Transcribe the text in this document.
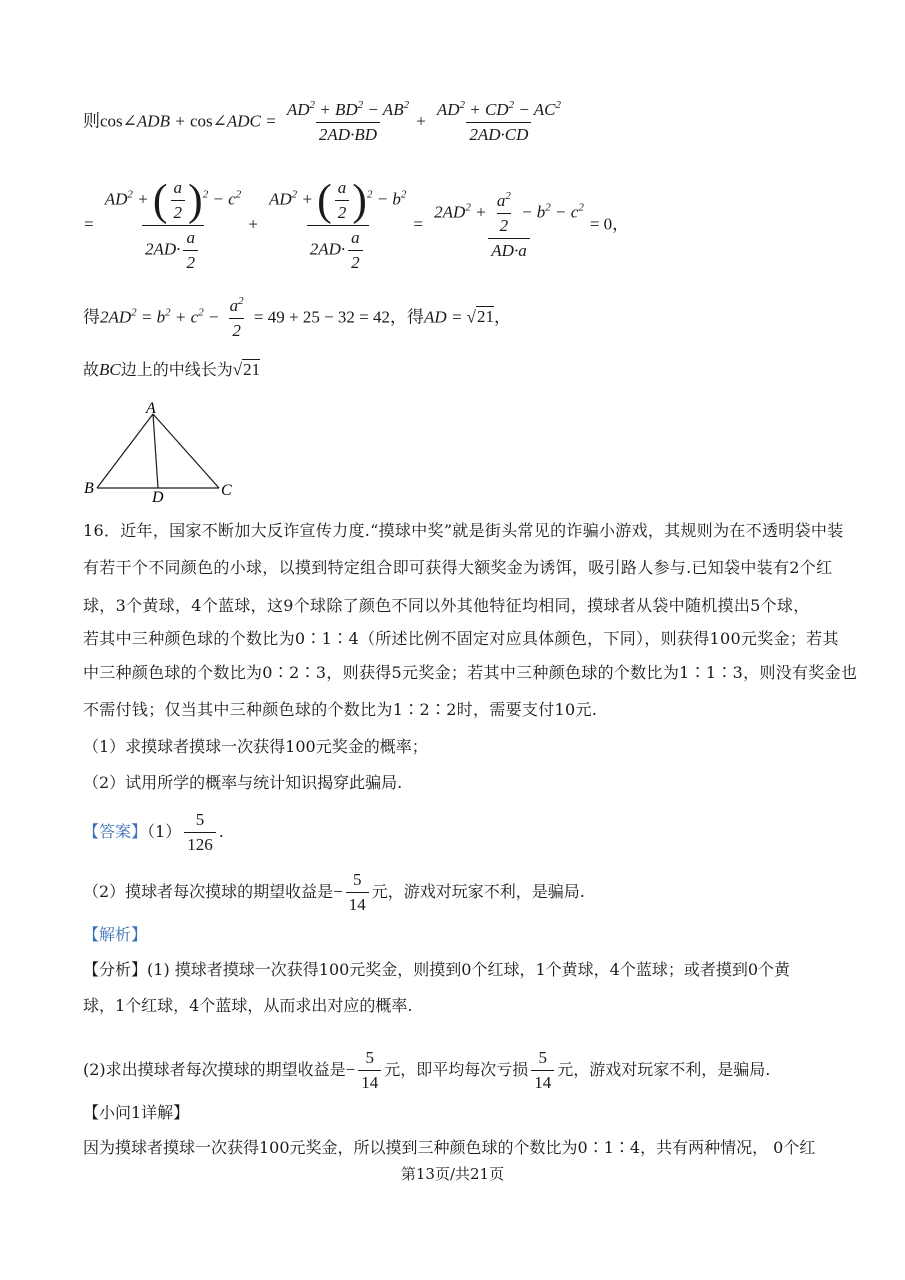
则cos∠ADB + cos∠ADC = $\frac{AD^2 + BD^2 - AB^2}{2AD\cdot BD} + \frac{AD^2 + CD^2 - AC^2}{2AD\cdot CD}$
= $\frac{AD^2 + ( \frac{a}{2} )^2 - c^2}{2AD\cdot \frac{a}{2}} + \frac{AD^2 + ( \frac{a}{2} )^2 - b^2}{2AD\cdot \frac{a}{2}} = \frac{2AD^2 + \frac{a^2}{2} - b^2 - c^2}{AD\cdot a} = 0$，
得$2AD^2 = b^2 + c^2 - \frac{a^2}{2} = 49 + 25 - 32 = 42$，得AD = √21，
故BC边上的中线长为√21
A
B	C
D
16．近年，国家不断加大反诈宣传力度.“摸球中奖”就是街头常见的诈骗小游戏，其规则为在不透明袋中装
有若干个不同颜色的小球，以摸到特定组合即可获得大额奖金为诱饵，吸引路人参与.已知袋中装有2个红
球，3个黄球，4个蓝球，这9个球除了颜色不同以外其他特征均相同，摸球者从袋中随机摸出5个球，
若其中三种颜色球的个数比为0∶1∶4（所述比例不固定对应具体颜色，下同），则获得100元奖金；若其
中三种颜色球的个数比为0∶2∶3，则获得5元奖金；若其中三种颜色球的个数比为1∶1∶3，则没有奖金也
不需付钱；仅当其中三种颜色球的个数比为1∶2∶2时，需要支付10元.
（1）求摸球者摸球一次获得100元奖金的概率；
（2）试用所学的概率与统计知识揭穿此骗局.
【答案】$(1) \frac{5}{126}$ .
（2）摸球者每次摸球的期望收益是− $\frac{5}{14}$ 元，游戏对玩家不利，是骗局.
【解析】
【分析】(1) 摸球者摸球一次获得100元奖金，则摸到0个红球，1个黄球，4个蓝球；或者摸到0个黄
球，1个红球，4个蓝球，从而求出对应的概率.
(2)求出摸球者每次摸球的期望收益是− $\frac{5}{14}$ 元，即平均每次亏损 $\frac{5}{14}$ 元，游戏对玩家不利，是骗局.
【小问1详解】
因为摸球者摸球一次获得100元奖金，所以摸到三种颜色球的个数比为0∶1∶4，共有两种情况， 0个红
第13页/共21页
